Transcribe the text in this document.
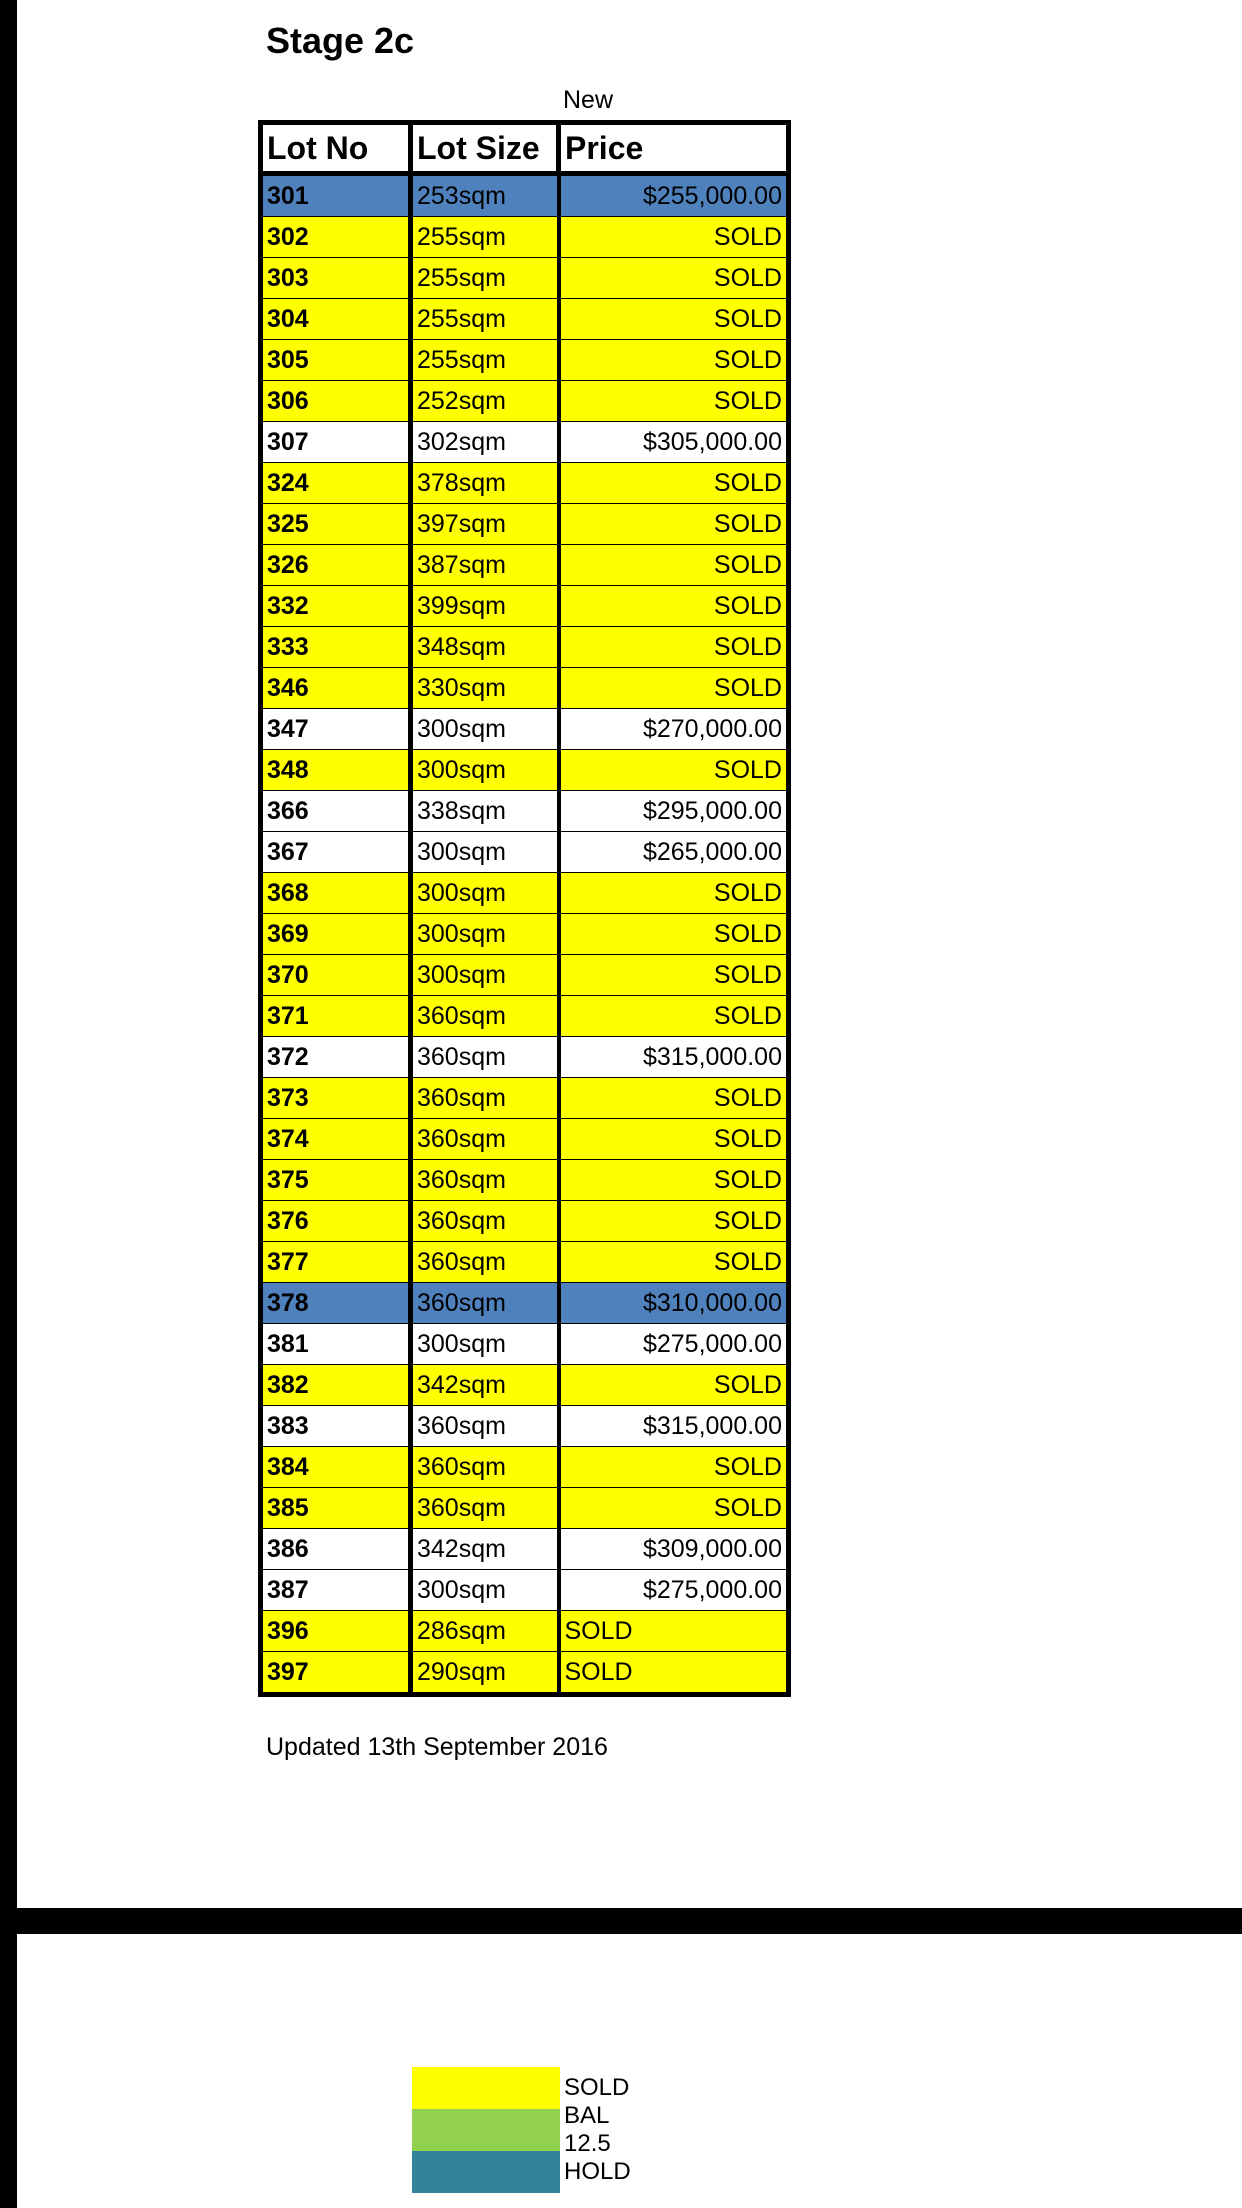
Stage 2c
New
Lot No	Lot Size	Price
301	253sqm	$255,000.00
302	255sqm	SOLD
303	255sqm	SOLD
304	255sqm	SOLD
305	255sqm	SOLD
306	252sqm	SOLD
307	302sqm	$305,000.00
324	378sqm	SOLD
325	397sqm	SOLD
326	387sqm	SOLD
332	399sqm	SOLD
333	348sqm	SOLD
346	330sqm	SOLD
347	300sqm	$270,000.00
348	300sqm	SOLD
366	338sqm	$295,000.00
367	300sqm	$265,000.00
368	300sqm	SOLD
369	300sqm	SOLD
370	300sqm	SOLD
371	360sqm	SOLD
372	360sqm	$315,000.00
373	360sqm	SOLD
374	360sqm	SOLD
375	360sqm	SOLD
376	360sqm	SOLD
377	360sqm	SOLD
378	360sqm	$310,000.00
381	300sqm	$275,000.00
382	342sqm	SOLD
383	360sqm	$315,000.00
384	360sqm	SOLD
385	360sqm	SOLD
386	342sqm	$309,000.00
387	300sqm	$275,000.00
396	286sqm	SOLD
397	290sqm	SOLD
Updated 13th September 2016
SOLD
BAL 12.5
HOLD
